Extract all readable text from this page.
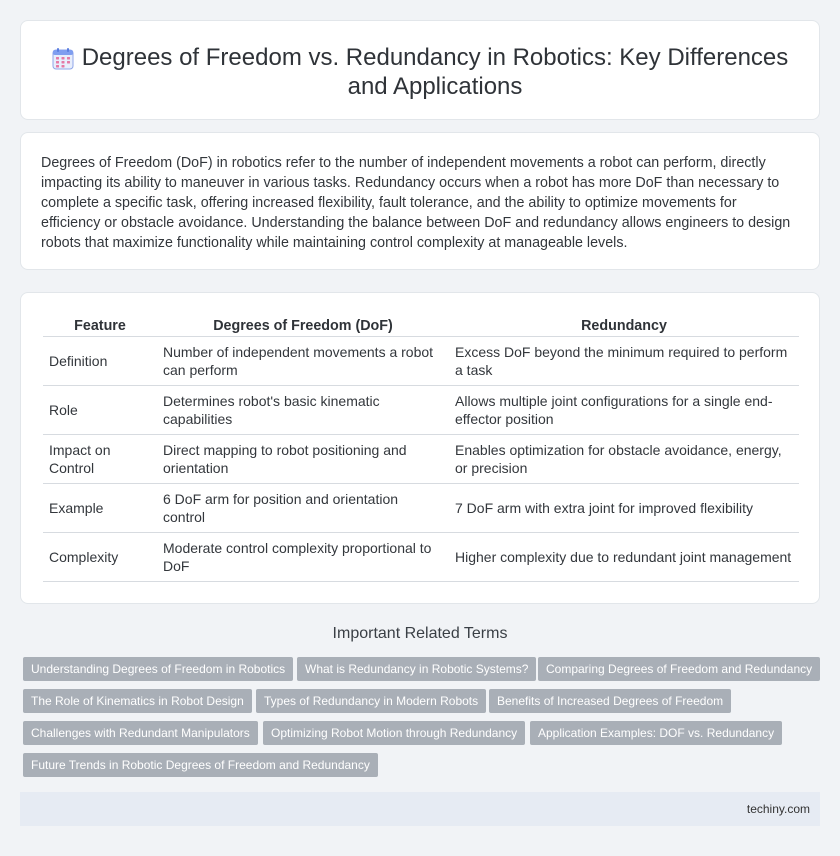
Degrees of Freedom vs. Redundancy in Robotics: Key Differences and Applications

Degrees of Freedom (DoF) in robotics refer to the number of independent movements a robot can perform, directly impacting its ability to maneuver in various tasks. Redundancy occurs when a robot has more DoF than necessary to complete a specific task, offering increased flexibility, fault tolerance, and the ability to optimize movements for efficiency or obstacle avoidance. Understanding the balance between DoF and redundancy allows engineers to design robots that maximize functionality while maintaining control complexity at manageable levels.

Feature	Degrees of Freedom (DoF)	Redundancy
Definition	Number of independent movements a robot can perform	Excess DoF beyond the minimum required to perform a task
Role	Determines robot's basic kinematic capabilities	Allows multiple joint configurations for a single end-effector position
Impact on Control	Direct mapping to robot positioning and orientation	Enables optimization for obstacle avoidance, energy, or precision
Example	6 DoF arm for position and orientation control	7 DoF arm with extra joint for improved flexibility
Complexity	Moderate control complexity proportional to DoF	Higher complexity due to redundant joint management
Important Related Terms
Understanding Degrees of Freedom in Robotics	What is Redundancy in Robotic Systems?	Comparing Degrees of Freedom and Redundancy
The Role of Kinematics in Robot Design	Types of Redundancy in Modern Robots	Benefits of Increased Degrees of Freedom
Challenges with Redundant Manipulators	Optimizing Robot Motion through Redundancy	Application Examples: DOF vs. Redundancy
Future Trends in Robotic Degrees of Freedom and Redundancy
techiny.com
